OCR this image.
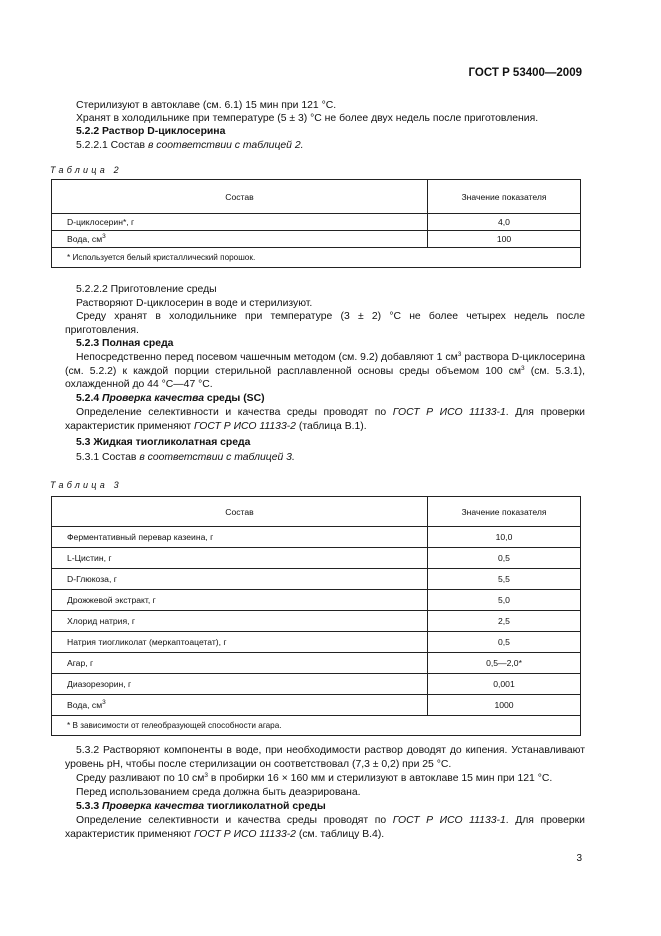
ГОСТ Р 53400—2009
Стерилизуют в автоклаве (см. 6.1) 15 мин при 121 °С.
Хранят в холодильнике при температуре (5 ± 3) °С не более двух недель после приготовления.
5.2.2 Раствор D-циклосерина
5.2.2.1 Состав в соответствии с таблицей 2.
Таблица 2
Состав	Значение показателя
D-циклосерин*, г	4,0
Вода, $см^3$	100
* Используется белый кристаллический порошок.	
5.2.2.2 Приготовление среды
Растворяют D-циклосерин в воде и стерилизуют.
Среду хранят в холодильнике при температуре (3 ± 2) °С не более четырех недель после приготовления.
5.2.3 Полная среда
Непосредственно перед посевом чашечным методом (см. 9.2) добавляют 1 $см^3$ раствора D-циклосерина (см. 5.2.2) к каждой порции стерильной расплавленной основы среды объемом 100 $см^3$ (см. 5.3.1), охлажденной до 44 °С—47 °С.
5.2.4 Проверка качества среды (SC)
Определение селективности и качества среды проводят по ГОСТ Р ИСО 11133-1. Для проверки характеристик применяют ГОСТ Р ИСО 11133-2 (таблица В.1).
5.3 Жидкая тиогликолатная среда
5.3.1 Состав в соответствии с таблицей 3.
Таблица 3
Состав	Значение показателя
Ферментативный перевар казеина, г	10,0
L-Цистин, г	0,5
D-Глюкоза, г	5,5
Дрожжевой экстракт, г	5,0
Хлорид натрия, г	2,5
Натрия тиогликолат (меркаптоацетат), г	0,5
Агар, г	0,5—2,0*
Диазорезорин, г	0,001
Вода, $см^3$	1000
* В зависимости от гелеобразующей способности агара.	
5.3.2 Растворяют компоненты в воде, при необходимости раствор доводят до кипения. Устанавливают уровень рН, чтобы после стерилизации он соответствовал (7,3 ± 0,2) при 25 °С.
Среду разливают по 10 $см^3$ в пробирки 16 × 160 мм и стерилизуют в автоклаве 15 мин при 121 °С.
Перед использованием среда должна быть деаэрирована.
5.3.3 Проверка качества тиогликолатной среды
Определение селективности и качества среды проводят по ГОСТ Р ИСО 11133-1. Для проверки характеристик применяют ГОСТ Р ИСО 11133-2 (см. таблицу В.4).
3
